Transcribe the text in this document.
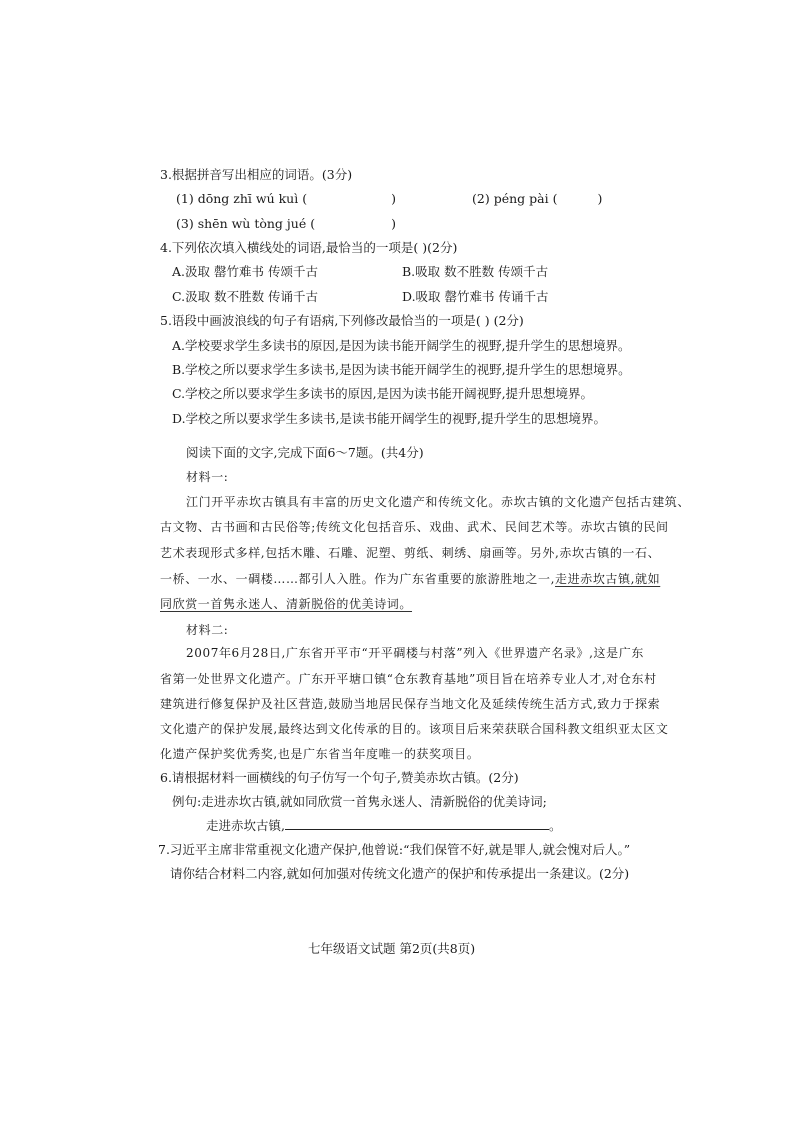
3.根据拼音写出相应的词语。(3分)
(1) dōng zhī wú kuì (	)	(2) péng pài (	)
(3) shēn wù tòng jué (	)
4.下列依次填入横线处的词语,最恰当的一项是( )(2分)
A.汲取 罄竹难书 传颂千古	B.吸取 数不胜数 传颂千古
C.汲取 数不胜数 传诵千古	D.吸取 罄竹难书 传诵千古
5.语段中画波浪线的句子有语病,下列修改最恰当的一项是( ) (2分)
A.学校要求学生多读书的原因,是因为读书能开阔学生的视野,提升学生的思想境界。
B.学校之所以要求学生多读书,是因为读书能开阔学生的视野,提升学生的思想境界。
C.学校之所以要求学生多读书的原因,是因为读书能开阔视野,提升思想境界。
D.学校之所以要求学生多读书,是读书能开阔学生的视野,提升学生的思想境界。
阅读下面的文字,完成下面6～7题。(共4分)
材料一:
江门开平赤坎古镇具有丰富的历史文化遗产和传统文化。赤坎古镇的文化遗产包括古建筑、
古文物、古书画和古民俗等;传统文化包括音乐、戏曲、武术、民间艺术等。赤坎古镇的民间
艺术表现形式多样,包括木雕、石雕、泥塑、剪纸、刺绣、扇画等。另外,赤坎古镇的一石、
一桥、一水、一碉楼……都引人入胜。作为广东省重要的旅游胜地之一,走进赤坎古镇,就如
同欣赏一首隽永迷人、清新脱俗的优美诗词。
材料二:
2007年6月28日,广东省开平市“开平碉楼与村落”列入《世界遗产名录》,这是广东
省第一处世界文化遗产。广东开平塘口镇“仓东教育基地”项目旨在培养专业人才,对仓东村
建筑进行修复保护及社区营造,鼓励当地居民保存当地文化及延续传统生活方式,致力于探索
文化遗产的保护发展,最终达到文化传承的目的。该项目后来荣获联合国科教文组织亚太区文
化遗产保护奖优秀奖,也是广东省当年度唯一的获奖项目。
6.请根据材料一画横线的句子仿写一个句子,赞美赤坎古镇。(2分)
例句:走进赤坎古镇,就如同欣赏一首隽永迷人、清新脱俗的优美诗词;
走进赤坎古镇,	。
7.习近平主席非常重视文化遗产保护,他曾说:“我们保管不好,就是罪人,就会愧对后人。”
请你结合材料二内容,就如何加强对传统文化遗产的保护和传承提出一条建议。(2分)
七年级语文试题 第2页(共8页)
